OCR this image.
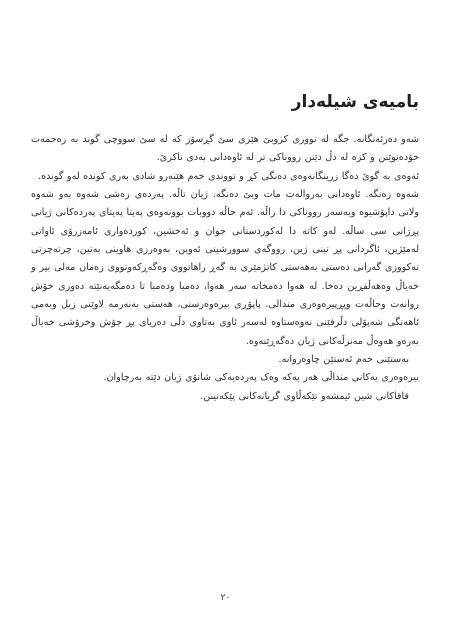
بامیەی شیلەدار

شەو دەرئەنگانە. جگە لە نووری کزوبێ هێزی سێ گڕسۆز کە لە سێ سووچی گوند بە زەحمەت خۆدەنوێنن و کزە لە دڵ دێنن رووناکی تر لە ئاوەدانی بەدی ناکرێ.

ئەوەی بە گوێ دەگا زرینگانەوەی دەنگی کڕ و تووندی خەم هێنەرو شادی بەری کوندە لەو گوندە.

شەوە زەنگە. ئاوەدانی بەروالەت مات وبێ دەنگە. ژیان تاڵە. پەردەی رەشی شەوە بەو شەوە ولاتی داپۆشیوە وبەسەر رووناکی دا زاڵە. ئەم حاڵە دووبات بوونەوەی پەیتا پەیتای پەردەکانی ژیانی پڕژانی سی ساڵە. لەو کاتە دا لەکوردستانی جوان و ئەخشین، کوردەواری ئامەزرۆی ئاواتی لەمێژین، ئاگردانی پڕ تینی ژین، رووگەی سوورشینی ئەوین، بەوەرزی هاوینی بەتین، چرتەچرتی تەکووزی گەرانی دەستی بەهەستی کاتژمێری بە گەڕ راهاتووی وەگەڕکەوتووی زەمان مەلی بیر و خەیاڵ وەهەڵفڕین دەخا. لە هەوا دەمخاتە سەر هەوا، دەمبا ودەمبا تا دەمگەیەنێتە دەوری خۆش روانەت وحاڵەت وپڕپیرەوەری مندالی. پاپۆڕی بیرەوەرستی، هەستی بەنەرمە لاوێنی زیل وبەمی ئاهەنگی شەپۆلی دڵرفێنی نەوەستاوە لەسەر ئاوی بەتاوی دڵی دەریای پڕ جۆش وخرۆشی خەیاڵ بەرەو هەوەڵ مەنزڵەکانی ژیان دەگەڕێنەوە.

بەستێنی خەم ئەستێن چاوەروانە.

بیرەوەری یەکانی منداڵی هەر یەکە وەک پەردەیەکی شانۆی ژیان دێتە بەرچاوان.

قاقاکانی شین ئیمشەو تێکەڵاوی گریانەکانی پێکەنینن.

٢٠
